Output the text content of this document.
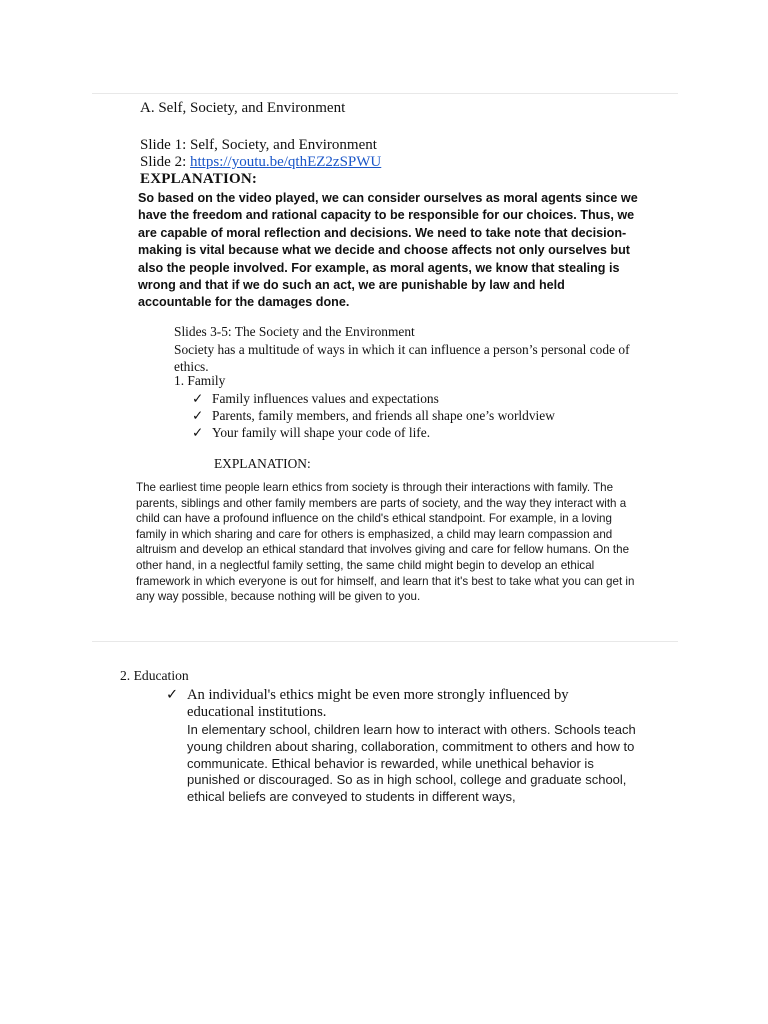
A. Self, Society, and Environment
Slide 1: Self, Society, and Environment
Slide 2: https://youtu.be/qthEZ2zSPWU
EXPLANATION:
So based on the video played, we can consider ourselves as moral agents since we have the freedom and rational capacity to be responsible for our choices. Thus, we are capable of moral reflection and decisions. We need to take note that decision-making is vital because what we decide and choose affects not only ourselves but also the people involved. For example, as moral agents, we know that stealing is wrong and that if we do such an act, we are punishable by law and held accountable for the damages done.
Slides 3-5: The Society and the Environment
Society has a multitude of ways in which it can influence a person’s personal code of ethics.
1. Family
✓ Family influences values and expectations
✓ Parents, family members, and friends all shape one’s worldview
✓ Your family will shape your code of life.
EXPLANATION:
The earliest time people learn ethics from society is through their interactions with family. The parents, siblings and other family members are parts of society, and the way they interact with a child can have a profound influence on the child's ethical standpoint. For example, in a loving family in which sharing and care for others is emphasized, a child may learn compassion and altruism and develop an ethical standard that involves giving and care for fellow humans. On the other hand, in a neglectful family setting, the same child might begin to develop an ethical framework in which everyone is out for himself, and learn that it's best to take what you can get in any way possible, because nothing will be given to you.
2. Education
✓ An individual's ethics might be even more strongly influenced by
educational institutions.
In elementary school, children learn how to interact with others. Schools teach young children about sharing, collaboration, commitment to others and how to communicate. Ethical behavior is rewarded, while unethical behavior is punished or discouraged. So as in high school, college and graduate school, ethical beliefs are conveyed to students in different ways,
